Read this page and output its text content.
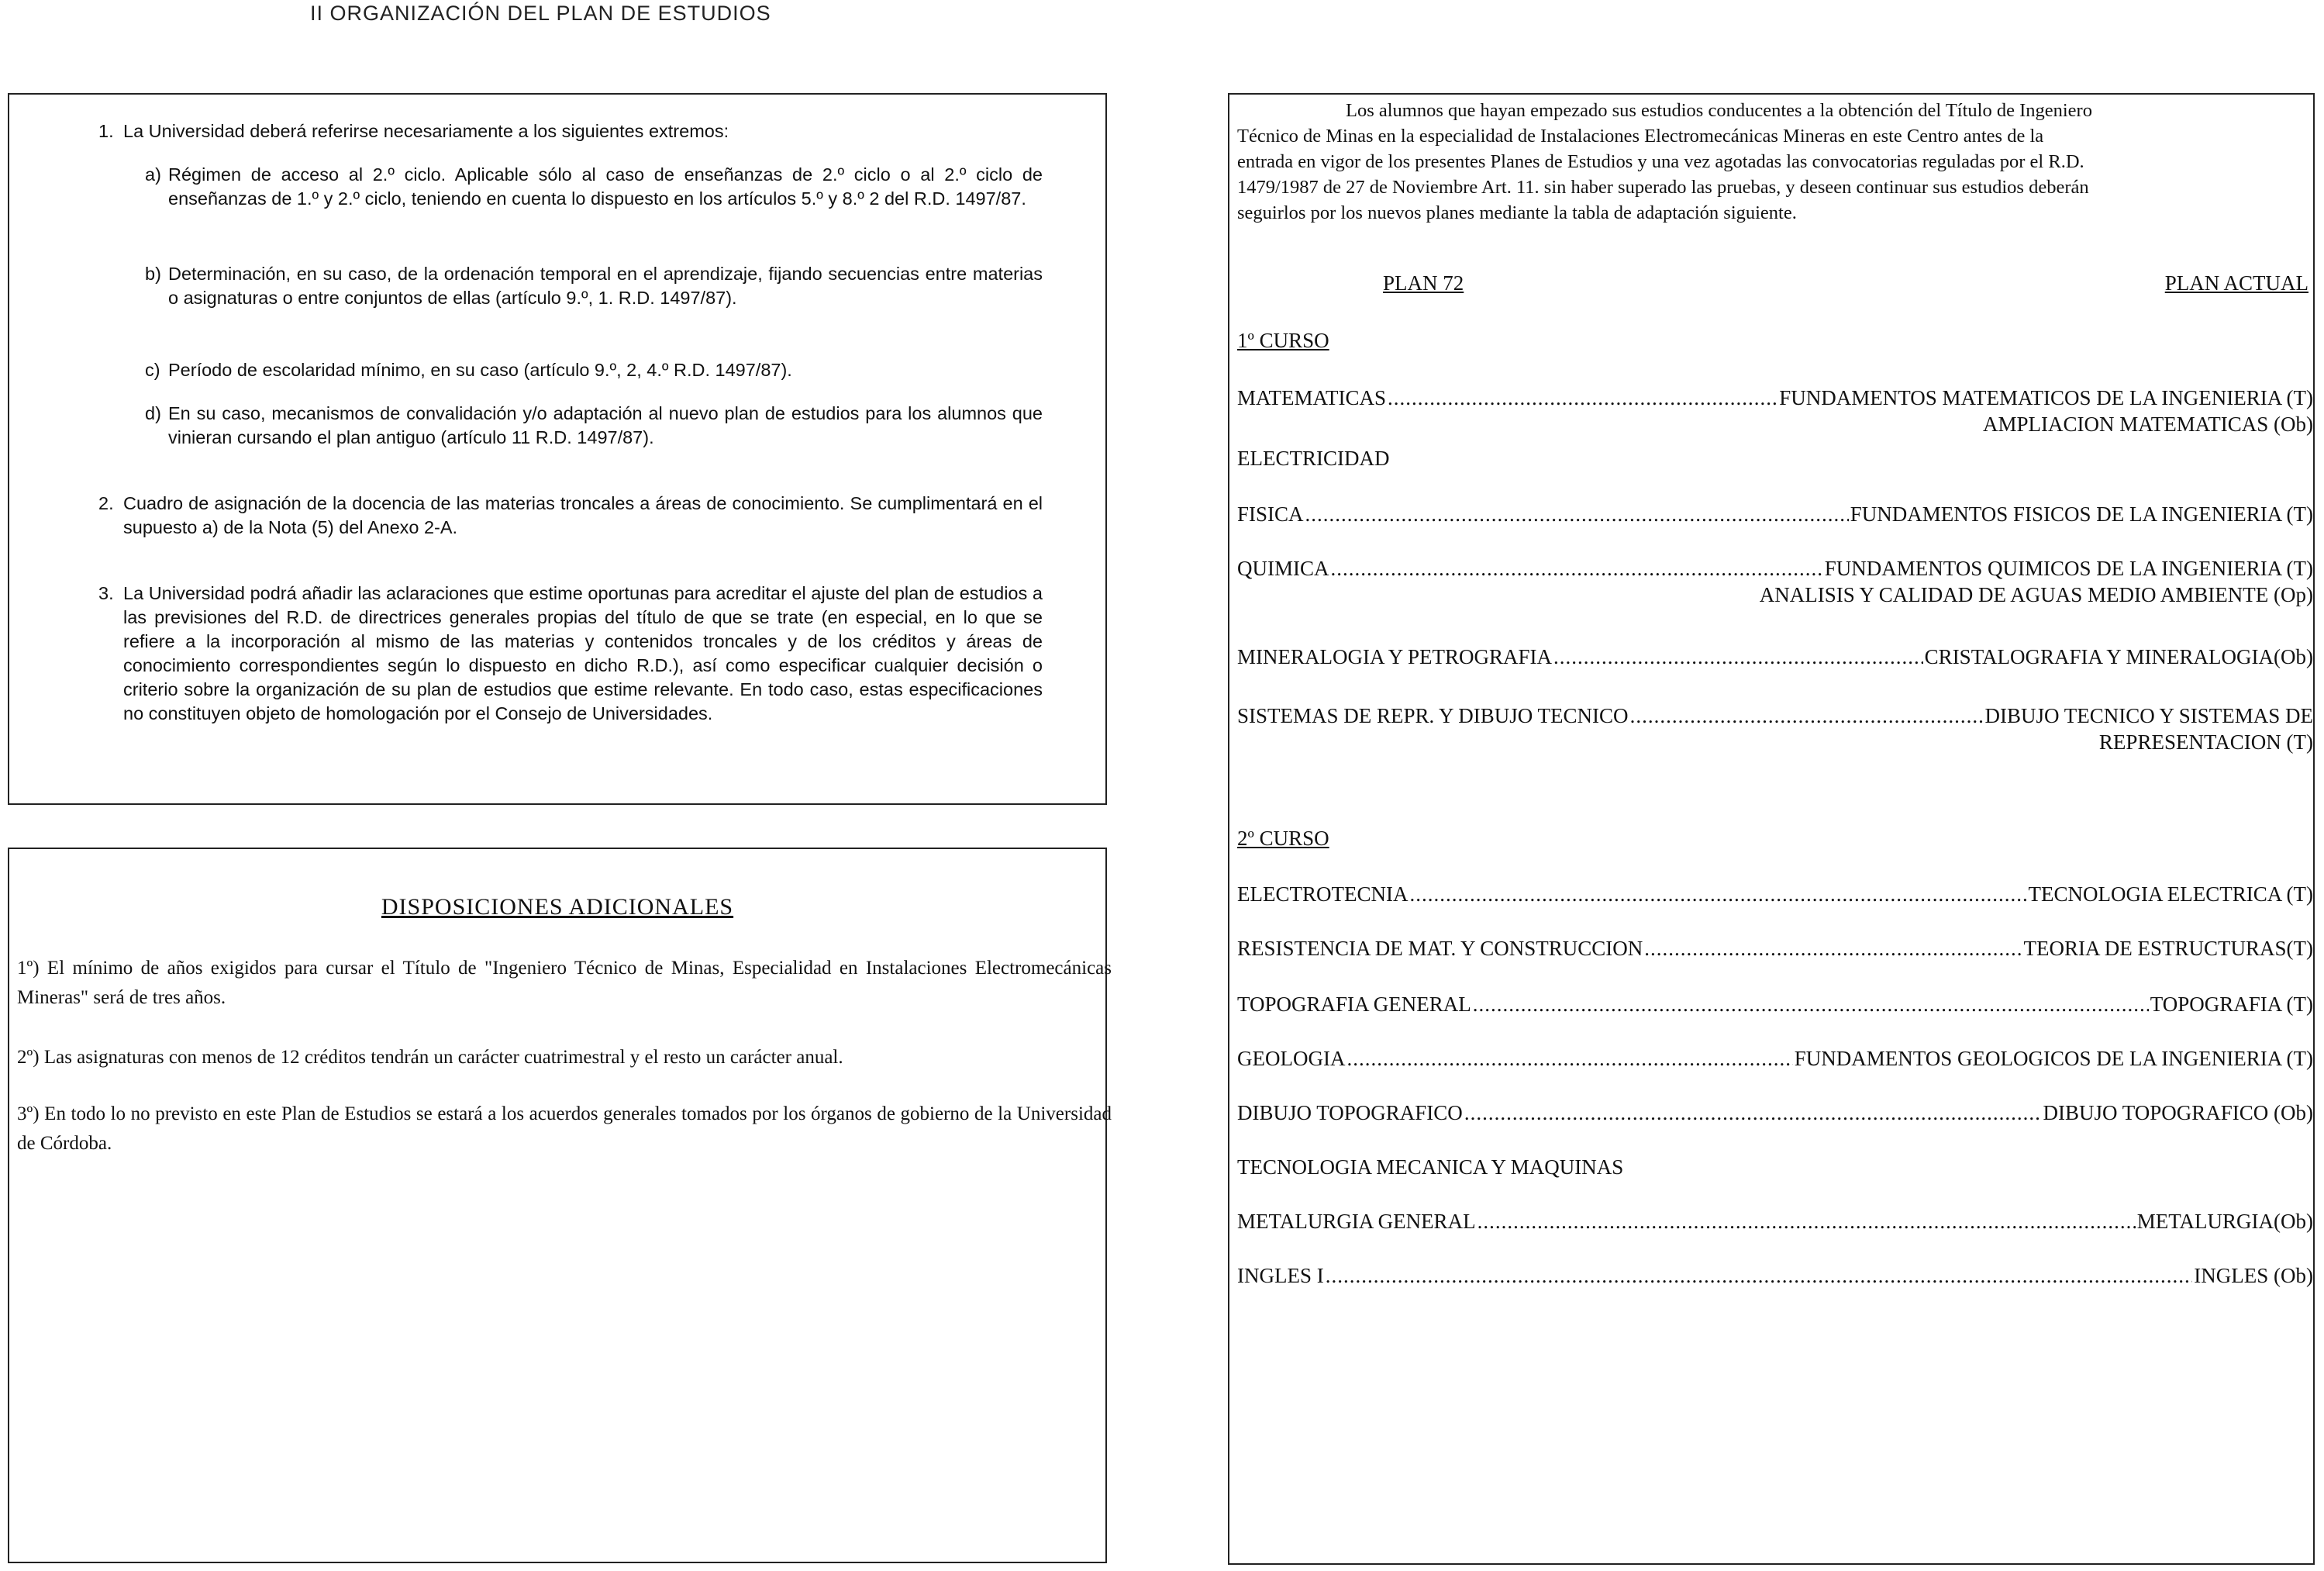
II ORGANIZACIÓN DEL PLAN DE ESTUDIOS
1. La Universidad deberá referirse necesariamente a los siguientes extremos:
a) Régimen de acceso al 2.º ciclo. Aplicable sólo al caso de enseñanzas de 2.º ciclo o al 2.º ciclo de enseñanzas de 1.º y 2.º ciclo, teniendo en cuenta lo dispuesto en los artículos 5.º y 8.º 2 del R.D. 1497/87.
b) Determinación, en su caso, de la ordenación temporal en el aprendizaje, fijando secuencias entre materias o asignaturas o entre conjuntos de ellas (artículo 9.º, 1. R.D. 1497/87).
c) Período de escolaridad mínimo, en su caso (artículo 9.º, 2, 4.º R.D. 1497/87).
d) En su caso, mecanismos de convalidación y/o adaptación al nuevo plan de estudios para los alumnos que vinieran cursando el plan antiguo (artículo 11 R.D. 1497/87).
2. Cuadro de asignación de la docencia de las materias troncales a áreas de conocimiento. Se cumplimentará en el supuesto a) de la Nota (5) del Anexo 2-A.
3. La Universidad podrá añadir las aclaraciones que estime oportunas para acreditar el ajuste del plan de estudios a las previsiones del R.D. de directrices generales propias del título de que se trate (en especial, en lo que se refiere a la incorporación al mismo de las materias y contenidos troncales y de los créditos y áreas de conocimiento correspondientes según lo dispuesto en dicho R.D.), así como especificar cualquier decisión o criterio sobre la organización de su plan de estudios que estime relevante. En todo caso, estas especificaciones no constituyen objeto de homologación por el Consejo de Universidades.
DISPOSICIONES ADICIONALES
1º) El mínimo de años exigidos para cursar el Título de "Ingeniero Técnico de Minas, Especialidad en Instalaciones Electromecánicas Mineras" será de tres años.
2º) Las asignaturas con menos de 12 créditos tendrán un carácter cuatrimestral y el resto un carácter anual.
3º) En todo lo no previsto en este Plan de Estudios se estará a los acuerdos generales tomados por los órganos de gobierno de la Universidad de Córdoba.
Los alumnos que hayan empezado sus estudios conducentes a la obtención del Título de Ingeniero
Técnico de Minas en la especialidad de Instalaciones Electromecánicas Mineras en este Centro antes de la
entrada en vigor de los presentes Planes de Estudios y una vez agotadas las convocatorias reguladas por el R.D.
1479/1987 de 27 de Noviembre Art. 11. sin haber superado las pruebas, y deseen continuar sus estudios deberán
seguirlos por los nuevos planes mediante la tabla de adaptación siguiente.
PLAN 72	PLAN ACTUAL
1º CURSO
MATEMATICAS .....	FUNDAMENTOS MATEMATICOS DE LA INGENIERIA (T)
AMPLIACION MATEMATICAS (Ob)
ELECTRICIDAD
FISICA .....	FUNDAMENTOS FISICOS DE LA INGENIERIA (T)
QUIMICA .....	FUNDAMENTOS QUIMICOS DE LA INGENIERIA (T)
ANALISIS Y CALIDAD DE AGUAS MEDIO AMBIENTE (Op)
MINERALOGIA Y PETROGRAFIA .....	CRISTALOGRAFIA Y MINERALOGIA(Ob)
SISTEMAS DE REPR. Y DIBUJO TECNICO .....	DIBUJO TECNICO Y SISTEMAS DE
REPRESENTACION (T)
2º CURSO
ELECTROTECNIA .....	TECNOLOGIA ELECTRICA (T)
RESISTENCIA DE MAT. Y CONSTRUCCION .....	TEORIA DE ESTRUCTURAS(T)
TOPOGRAFIA GENERAL .....	TOPOGRAFIA (T)
GEOLOGIA .....	FUNDAMENTOS GEOLOGICOS DE LA INGENIERIA (T)
DIBUJO TOPOGRAFICO .....	DIBUJO TOPOGRAFICO (Ob)
TECNOLOGIA MECANICA Y MAQUINAS
METALURGIA GENERAL .....	METALURGIA(Ob)
INGLES I .....	INGLES (Ob)
